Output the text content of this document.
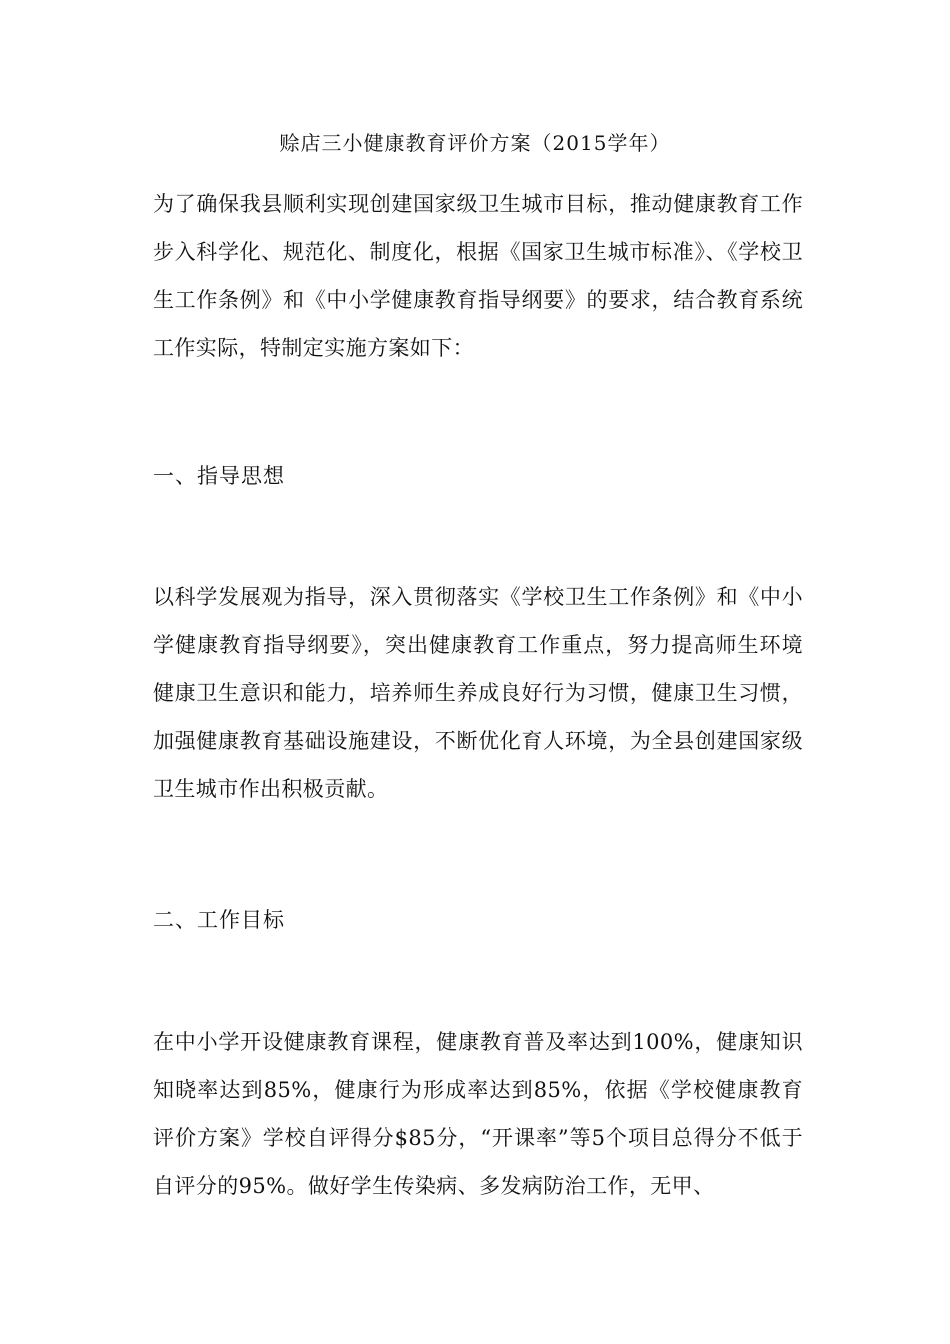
赊店三小健康教育评价方案（2015学年）
为了确保我县顺利实现创建国家级卫生城市目标，推动健康教育工作步入科学化、规范化、制度化，根据《国家卫生城市标准》、《学校卫生工作条例》和《中小学健康教育指导纲要》的要求，结合教育系统工作实际，特制定实施方案如下：
一、指导思想
以科学发展观为指导，深入贯彻落实《学校卫生工作条例》和《中小学健康教育指导纲要》，突出健康教育工作重点，努力提高师生环境健康卫生意识和能力，培养师生养成良好行为习惯，健康卫生习惯，加强健康教育基础设施建设，不断优化育人环境，为全县创建国家级卫生城市作出积极贡献。
二、工作目标
在中小学开设健康教育课程，健康教育普及率达到100%，健康知识知晓率达到85%，健康行为形成率达到85%，依据《学校健康教育评价方案》学校自评得分$85分，“开课率”等5个项目总得分不低于自评分的95%。做好学生传染病、多发病防治工作，无甲、
